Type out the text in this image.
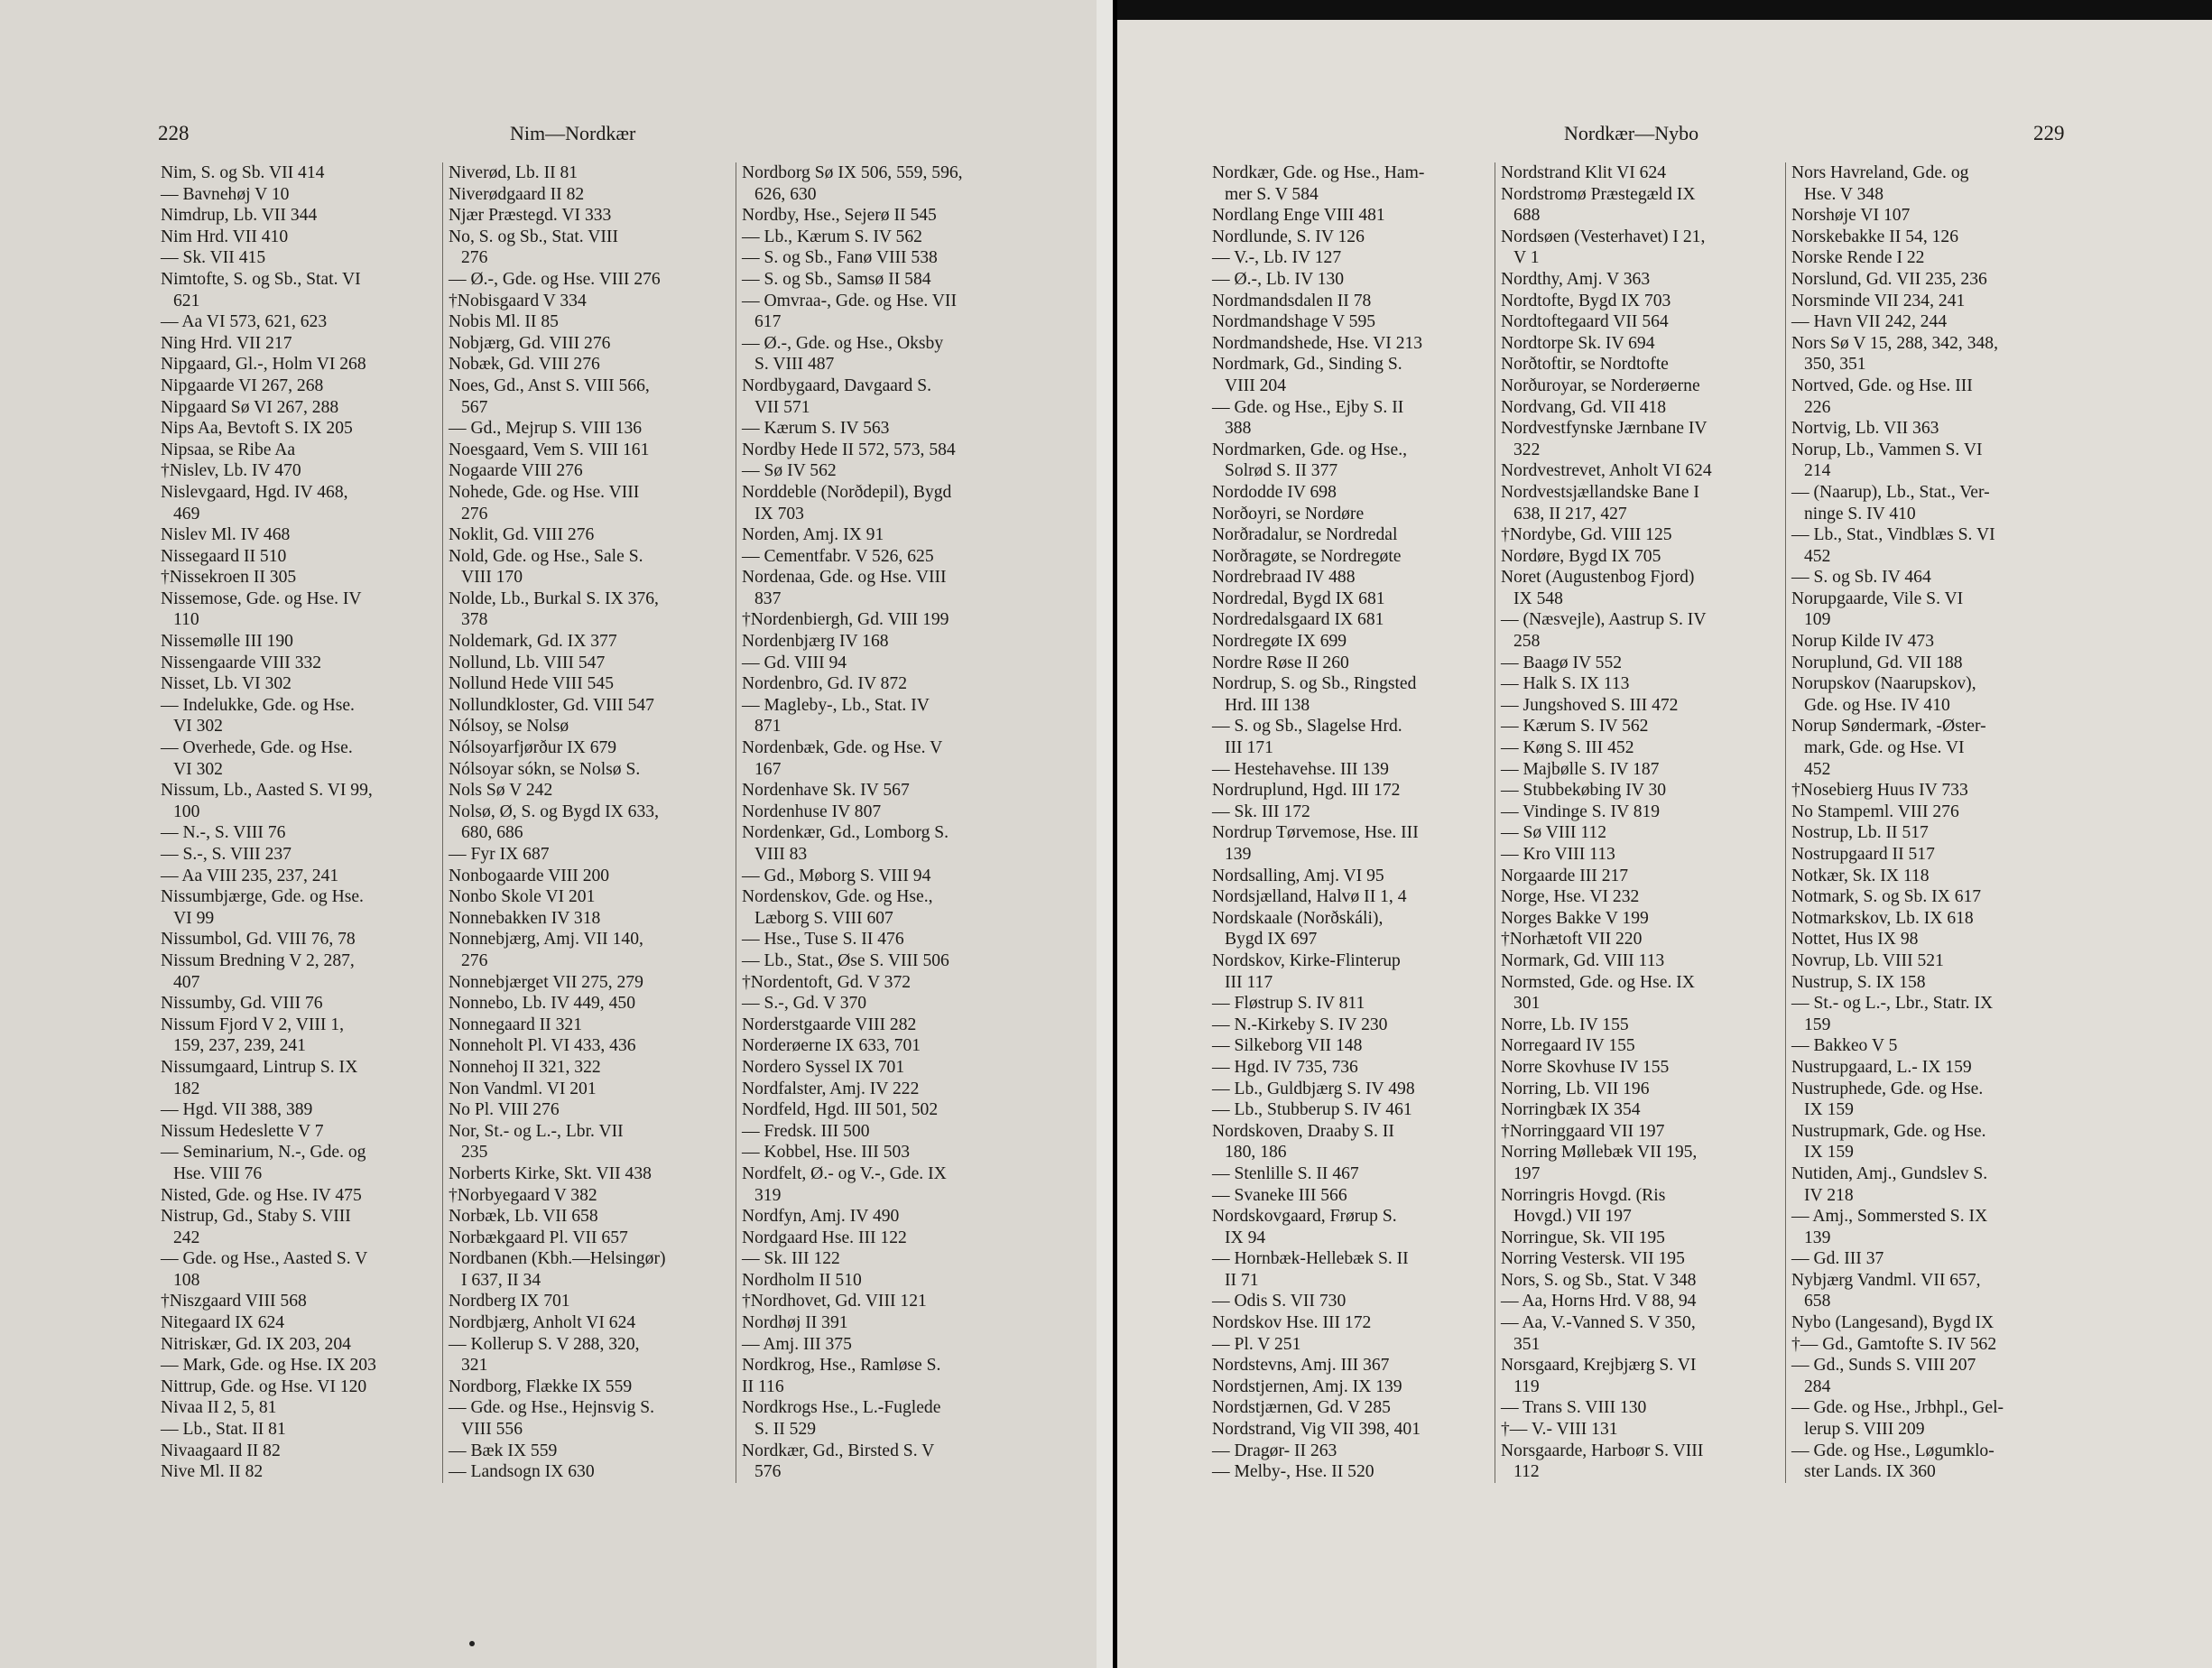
228	Nim—Nordkær
Nim, S. og Sb. VII 414
— Bavnehøj V 10
Nimdrup, Lb. VII 344
Nim Hrd. VII 410
— Sk. VII 415
Nimtofte, S. og Sb., Stat. VI
621
— Aa VI 573, 621, 623
Ning Hrd. VII 217
Nipgaard, Gl.-, Holm VI 268
Nipgaarde VI 267, 268
Nipgaard Sø VI 267, 288
Nips Aa, Bevtoft S. IX 205
Nipsaa, se Ribe Aa
†Nislev, Lb. IV 470
Nislevgaard, Hgd. IV 468,
469
Nislev Ml. IV 468
Nissegaard II 510
†Nissekroen II 305
Nissemose, Gde. og Hse. IV
110
Nissemølle III 190
Nissengaarde VIII 332
Nisset, Lb. VI 302
— Indelukke, Gde. og Hse.
VI 302
— Overhede, Gde. og Hse.
VI 302
Nissum, Lb., Aasted S. VI 99,
100
— N.-, S. VIII 76
— S.-, S. VIII 237
— Aa VIII 235, 237, 241
Nissumbjærge, Gde. og Hse.
VI 99
Nissumbol, Gd. VIII 76, 78
Nissum Bredning V 2, 287,
407
Nissumby, Gd. VIII 76
Nissum Fjord V 2, VIII 1,
159, 237, 239, 241
Nissumgaard, Lintrup S. IX
182
— Hgd. VII 388, 389
Nissum Hedeslette V 7
— Seminarium, N.-, Gde. og
Hse. VIII 76
Nisted, Gde. og Hse. IV 475
Nistrup, Gd., Staby S. VIII
242
— Gde. og Hse., Aasted S. V
108
†Niszgaard VIII 568
Nitegaard IX 624
Nitriskær, Gd. IX 203, 204
— Mark, Gde. og Hse. IX 203
Nittrup, Gde. og Hse. VI 120
Nivaa II 2, 5, 81
— Lb., Stat. II 81
Nivaagaard II 82
Nive Ml. II 82
Niverød, Lb. II 81
Niverødgaard II 82
Njær Præstegd. VI 333
No, S. og Sb., Stat. VIII
276
— Ø.-, Gde. og Hse. VIII 276
†Nobisgaard V 334
Nobis Ml. II 85
Nobjærg, Gd. VIII 276
Nobæk, Gd. VIII 276
Noes, Gd., Anst S. VIII 566,
567
— Gd., Mejrup S. VIII 136
Noesgaard, Vem S. VIII 161
Nogaarde VIII 276
Nohede, Gde. og Hse. VIII
276
Noklit, Gd. VIII 276
Nold, Gde. og Hse., Sale S.
VIII 170
Nolde, Lb., Burkal S. IX 376,
378
Noldemark, Gd. IX 377
Nollund, Lb. VIII 547
Nollund Hede VIII 545
Nollundkloster, Gd. VIII 547
Nólsoy, se Nolsø
Nólsoyarfjørður IX 679
Nólsoyar sókn, se Nolsø S.
Nols Sø V 242
Nolsø, Ø, S. og Bygd IX 633,
680, 686
— Fyr IX 687
Nonbogaarde VIII 200
Nonbo Skole VI 201
Nonnebakken IV 318
Nonnebjærg, Amj. VII 140,
276
Nonnebjærget VII 275, 279
Nonnebo, Lb. IV 449, 450
Nonnegaard II 321
Nonneholt Pl. VI 433, 436
Nonnehoj II 321, 322
Non Vandml. VI 201
No Pl. VIII 276
Nor, St.- og L.-, Lbr. VII
235
Norberts Kirke, Skt. VII 438
†Norbyegaard V 382
Norbæk, Lb. VII 658
Norbækgaard Pl. VII 657
Nordbanen (Kbh.—Helsingør)
I 637, II 34
Nordberg IX 701
Nordbjærg, Anholt VI 624
— Kollerup S. V 288, 320,
321
Nordborg, Flække IX 559
— Gde. og Hse., Hejnsvig S.
VIII 556
— Bæk IX 559
— Landsogn IX 630
Nordborg Sø IX 506, 559, 596,
626, 630
Nordby, Hse., Sejerø II 545
— Lb., Kærum S. IV 562
— S. og Sb., Fanø VIII 538
— S. og Sb., Samsø II 584
— Omvraa-, Gde. og Hse. VII
617
— Ø.-, Gde. og Hse., Oksby
S. VIII 487
Nordbygaard, Davgaard S.
VII 571
— Kærum S. IV 563
Nordby Hede II 572, 573, 584
— Sø IV 562
Norddeble (Norðdepil), Bygd
IX 703
Norden, Amj. IX 91
— Cementfabr. V 526, 625
Nordenaa, Gde. og Hse. VIII
837
†Nordenbiergh, Gd. VIII 199
Nordenbjærg IV 168
— Gd. VIII 94
Nordenbro, Gd. IV 872
— Magleby-, Lb., Stat. IV
871
Nordenbæk, Gde. og Hse. V
167
Nordenhave Sk. IV 567
Nordenhuse IV 807
Nordenkær, Gd., Lomborg S.
VIII 83
— Gd., Møborg S. VIII 94
Nordenskov, Gde. og Hse.,
Læborg S. VIII 607
— Hse., Tuse S. II 476
— Lb., Stat., Øse S. VIII 506
†Nordentoft, Gd. V 372
— S.-, Gd. V 370
Norderstgaarde VIII 282
Norderøerne IX 633, 701
Nordero Syssel IX 701
Nordfalster, Amj. IV 222
Nordfeld, Hgd. III 501, 502
— Fredsk. III 500
— Kobbel, Hse. III 503
Nordfelt, Ø.- og V.-, Gde. IX
319
Nordfyn, Amj. IV 490
Nordgaard Hse. III 122
— Sk. III 122
Nordholm II 510
†Nordhovet, Gd. VIII 121
Nordhøj II 391
— Amj. III 375
Nordkrog, Hse., Ramløse S.
II 116
Nordkrogs Hse., L.-Fuglede
S. II 529
Nordkær, Gd., Birsted S. V
576
Nordkær—Nybo	229
Nordkær, Gde. og Hse., Ham-
mer S. V 584
Nordlang Enge VIII 481
Nordlunde, S. IV 126
— V.-, Lb. IV 127
— Ø.-, Lb. IV 130
Nordmandsdalen II 78
Nordmandshage V 595
Nordmandshede, Hse. VI 213
Nordmark, Gd., Sinding S.
VIII 204
— Gde. og Hse., Ejby S. II
388
Nordmarken, Gde. og Hse.,
Solrød S. II 377
Nordodde IV 698
Norðoyri, se Nordøre
Norðradalur, se Nordredal
Norðragøte, se Nordregøte
Nordrebraad IV 488
Nordredal, Bygd IX 681
Nordredalsgaard IX 681
Nordregøte IX 699
Nordre Røse II 260
Nordrup, S. og Sb., Ringsted
Hrd. III 138
— S. og Sb., Slagelse Hrd.
III 171
— Hestehavehse. III 139
Nordruplund, Hgd. III 172
— Sk. III 172
Nordrup Tørvemose, Hse. III
139
Nordsalling, Amj. VI 95
Nordsjælland, Halvø II 1, 4
Nordskaale (Norðskáli),
Bygd IX 697
Nordskov, Kirke-Flinterup
III 117
— Fløstrup S. IV 811
— N.-Kirkeby S. IV 230
— Silkeborg VII 148
— Hgd. IV 735, 736
— Lb., Guldbjærg S. IV 498
— Lb., Stubberup S. IV 461
Nordskoven, Draaby S. II
180, 186
— Stenlille S. II 467
— Svaneke III 566
Nordskovgaard, Frørup S.
IX 94
— Hornbæk-Hellebæk S. II
II 71
— Odis S. VII 730
Nordskov Hse. III 172
— Pl. V 251
Nordstevns, Amj. III 367
Nordstjernen, Amj. IX 139
Nordstjærnen, Gd. V 285
Nordstrand, Vig VII 398, 401
— Dragør- II 263
— Melby-, Hse. II 520
Nordstrand Klit VI 624
Nordstromø Præstegæld IX
688
Nordsøen (Vesterhavet) I 21,
V 1
Nordthy, Amj. V 363
Nordtofte, Bygd IX 703
Nordtoftegaard VII 564
Nordtorpe Sk. IV 694
Norðtoftir, se Nordtofte
Norðuroyar, se Norderøerne
Nordvang, Gd. VII 418
Nordvestfynske Jærnbane IV
322
Nordvestrevet, Anholt VI 624
Nordvestsjællandske Bane I
638, II 217, 427
†Nordybe, Gd. VIII 125
Nordøre, Bygd IX 705
Noret (Augustenbog Fjord)
IX 548
— (Næsvejle), Aastrup S. IV
258
— Baagø IV 552
— Halk S. IX 113
— Jungshoved S. III 472
— Kærum S. IV 562
— Køng S. III 452
— Majbølle S. IV 187
— Stubbekøbing IV 30
— Vindinge S. IV 819
— Sø VIII 112
— Kro VIII 113
Norgaarde III 217
Norge, Hse. VI 232
Norges Bakke V 199
†Norhætoft VII 220
Normark, Gd. VIII 113
Normsted, Gde. og Hse. IX
301
Norre, Lb. IV 155
Norregaard IV 155
Norre Skovhuse IV 155
Norring, Lb. VII 196
Norringbæk IX 354
†Norringgaard VII 197
Norring Møllebæk VII 195,
197
Norringris Hovgd. (Ris
Hovgd.) VII 197
Norringue, Sk. VII 195
Norring Vestersk. VII 195
Nors, S. og Sb., Stat. V 348
— Aa, Horns Hrd. V 88, 94
— Aa, V.-Vanned S. V 350,
351
Norsgaard, Krejbjærg S. VI
119
— Trans S. VIII 130
†— V.- VIII 131
Norsgaarde, Harboør S. VIII
112
Nors Havreland, Gde. og
Hse. V 348
Norshøje VI 107
Norskebakke II 54, 126
Norske Rende I 22
Norslund, Gd. VII 235, 236
Norsminde VII 234, 241
— Havn VII 242, 244
Nors Sø V 15, 288, 342, 348,
350, 351
Nortved, Gde. og Hse. III
226
Nortvig, Lb. VII 363
Norup, Lb., Vammen S. VI
214
— (Naarup), Lb., Stat., Ver-
ninge S. IV 410
— Lb., Stat., Vindblæs S. VI
452
— S. og Sb. IV 464
Norupgaarde, Vile S. VI
109
Norup Kilde IV 473
Noruplund, Gd. VII 188
Norupskov (Naarupskov),
Gde. og Hse. IV 410
Norup Søndermark, -Øster-
mark, Gde. og Hse. VI
452
†Nosebierg Huus IV 733
No Stampeml. VIII 276
Nostrup, Lb. II 517
Nostrupgaard II 517
Notkær, Sk. IX 118
Notmark, S. og Sb. IX 617
Notmarkskov, Lb. IX 618
Nottet, Hus IX 98
Novrup, Lb. VIII 521
Nustrup, S. IX 158
— St.- og L.-, Lbr., Statr. IX
159
— Bakkeo V 5
Nustrupgaard, L.- IX 159
Nustruphede, Gde. og Hse.
IX 159
Nustrupmark, Gde. og Hse.
IX 159
Nutiden, Amj., Gundslev S.
IV 218
— Amj., Sommersted S. IX
139
— Gd. III 37
Nybjærg Vandml. VII 657,
658
Nybo (Langesand), Bygd IX
†— Gd., Gamtofte S. IV 562
— Gd., Sunds S. VIII 207
284
— Gde. og Hse., Jrbhpl., Gel-
lerup S. VIII 209
— Gde. og Hse., Løgumklo-
ster Lands. IX 360
